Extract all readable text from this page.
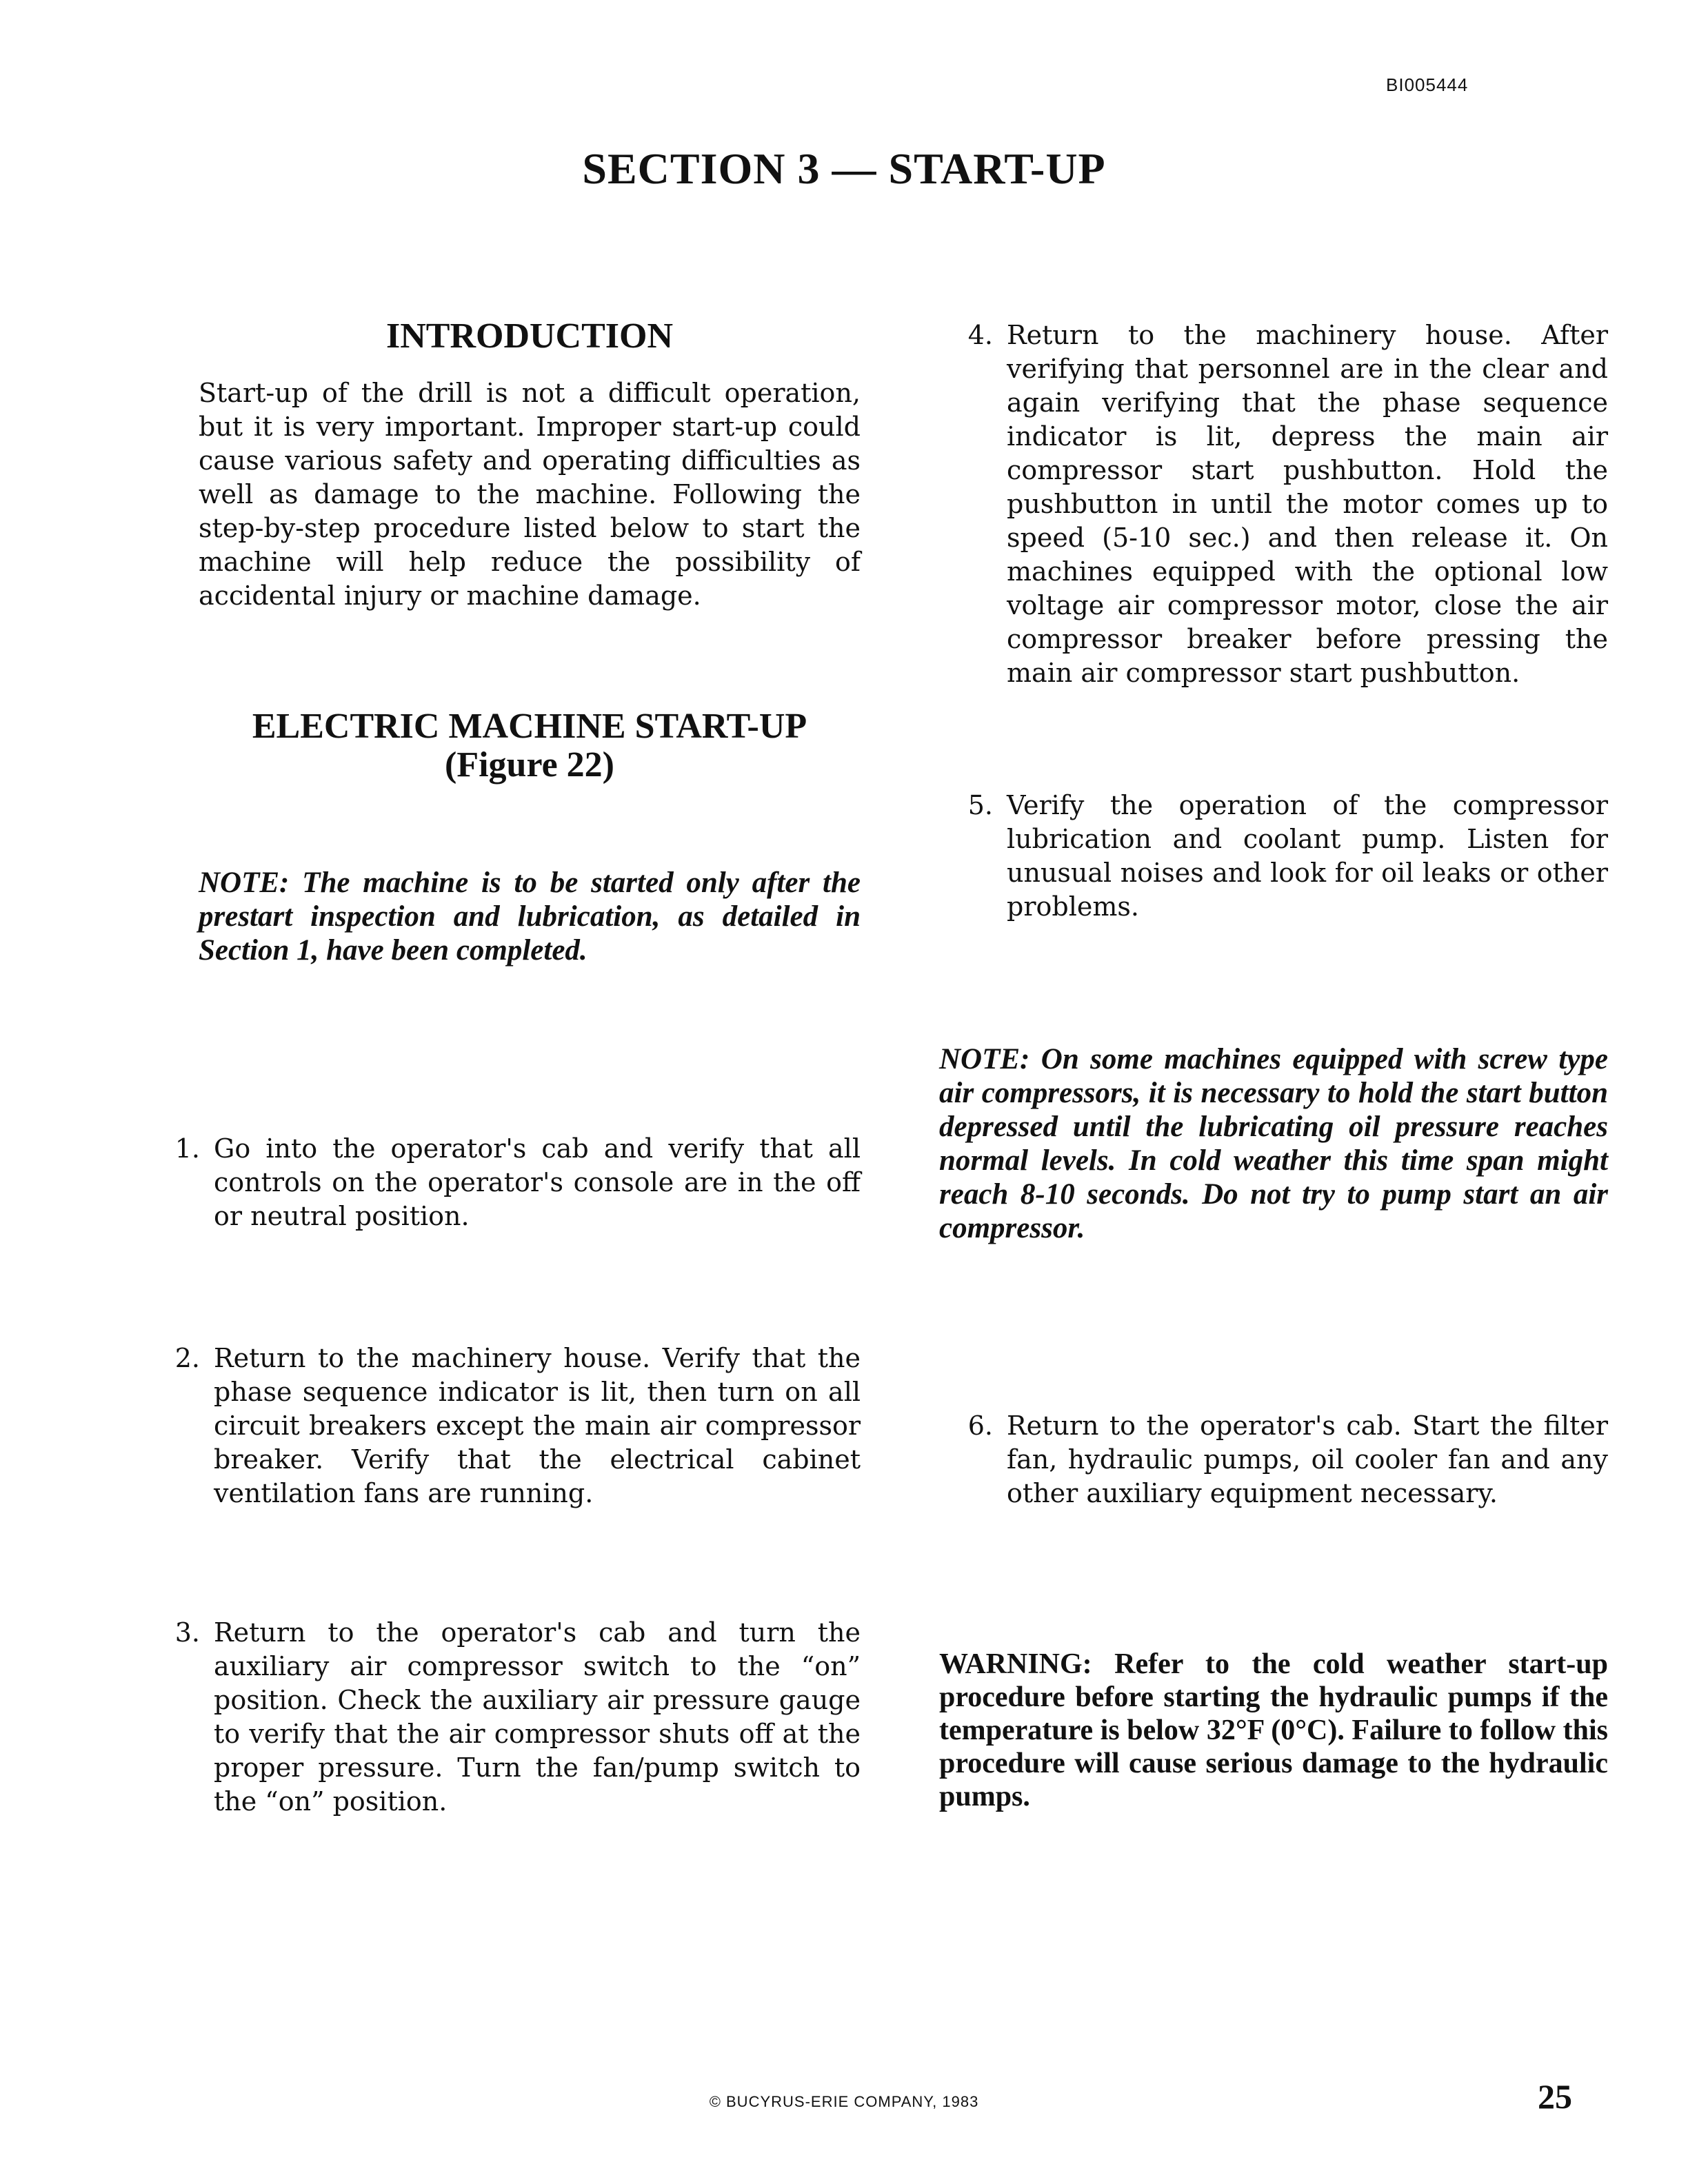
BI005444
SECTION 3 — START-UP
INTRODUCTION

Start-up of the drill is not a difficult operation, but it is very important. Improper start-up could cause various safety and operating difficulties as well as damage to the machine. Following the step-by-step procedure listed below to start the machine will help reduce the possibility of accidental injury or machine damage.

ELECTRIC MACHINE START-UP
(Figure 22)

NOTE: The machine is to be started only after the prestart inspection and lubrication, as detailed in Section 1, have been completed.

1. Go into the operator's cab and verify that all controls on the operator's console are in the off or neutral position.
2. Return to the machinery house. Verify that the phase sequence indicator is lit, then turn on all circuit breakers except the main air compressor breaker. Verify that the electrical cabinet ventilation fans are running.
3. Return to the operator's cab and turn the auxiliary air compressor switch to the “on” position. Check the auxiliary air pressure gauge to verify that the air compressor shuts off at the proper pressure. Turn the fan/pump switch to the “on” position.
4. Return to the machinery house. After verifying that personnel are in the clear and again verifying that the phase sequence indicator is lit, depress the main air compressor start pushbutton. Hold the pushbutton in until the motor comes up to speed (5-10 sec.) and then release it. On machines equipped with the optional low voltage air compressor motor, close the air compressor breaker before pressing the main air compressor start pushbutton.
5. Verify the operation of the compressor lubrication and coolant pump. Listen for unusual noises and look for oil leaks or other problems.

NOTE: On some machines equipped with screw type air compressors, it is necessary to hold the start button depressed until the lubricating oil pressure reaches normal levels. In cold weather this time span might reach 8-10 seconds. Do not try to pump start an air compressor.

6. Return to the operator's cab. Start the filter fan, hydraulic pumps, oil cooler fan and any other auxiliary equipment necessary.

WARNING: Refer to the cold weather start-up procedure before starting the hydraulic pumps if the temperature is below 32°F (0°C). Failure to follow this procedure will cause serious damage to the hydraulic pumps.

© BUCYRUS-ERIE COMPANY, 1983	25
